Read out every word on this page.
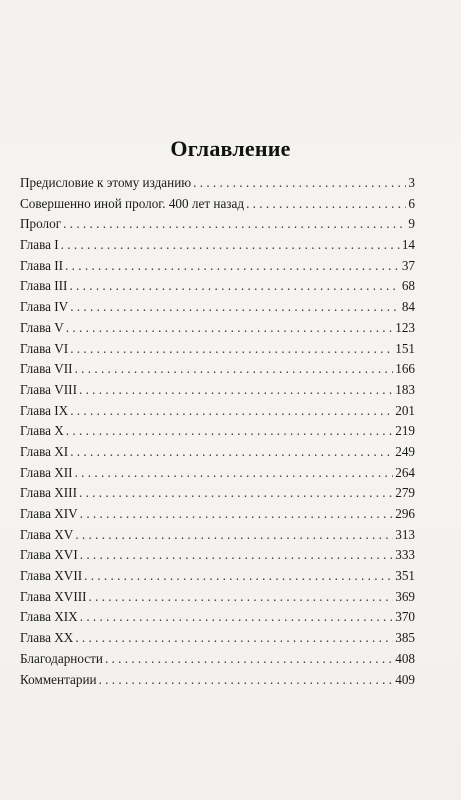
Оглавление
Предисловие к этому изданию . . .	3
Совершенно иной пролог. 400 лет назад . . .	6
Пролог . . .	9
Глава I . . .	14
Глава II . . .	37
Глава III . . .	68
Глава IV . . .	84
Глава V . . .	123
Глава VI . . .	151
Глава VII . . .	166
Глава VIII . . .	183
Глава IX . . .	201
Глава X . . .	219
Глава XI . . .	249
Глава XII . . .	264
Глава XIII . . .	279
Глава XIV . . .	296
Глава XV . . .	313
Глава XVI . . .	333
Глава XVII . . .	351
Глава XVIII . . .	369
Глава XIX . . .	370
Глава XX . . .	385
Благодарности . . .	408
Комментарии . . .	409
